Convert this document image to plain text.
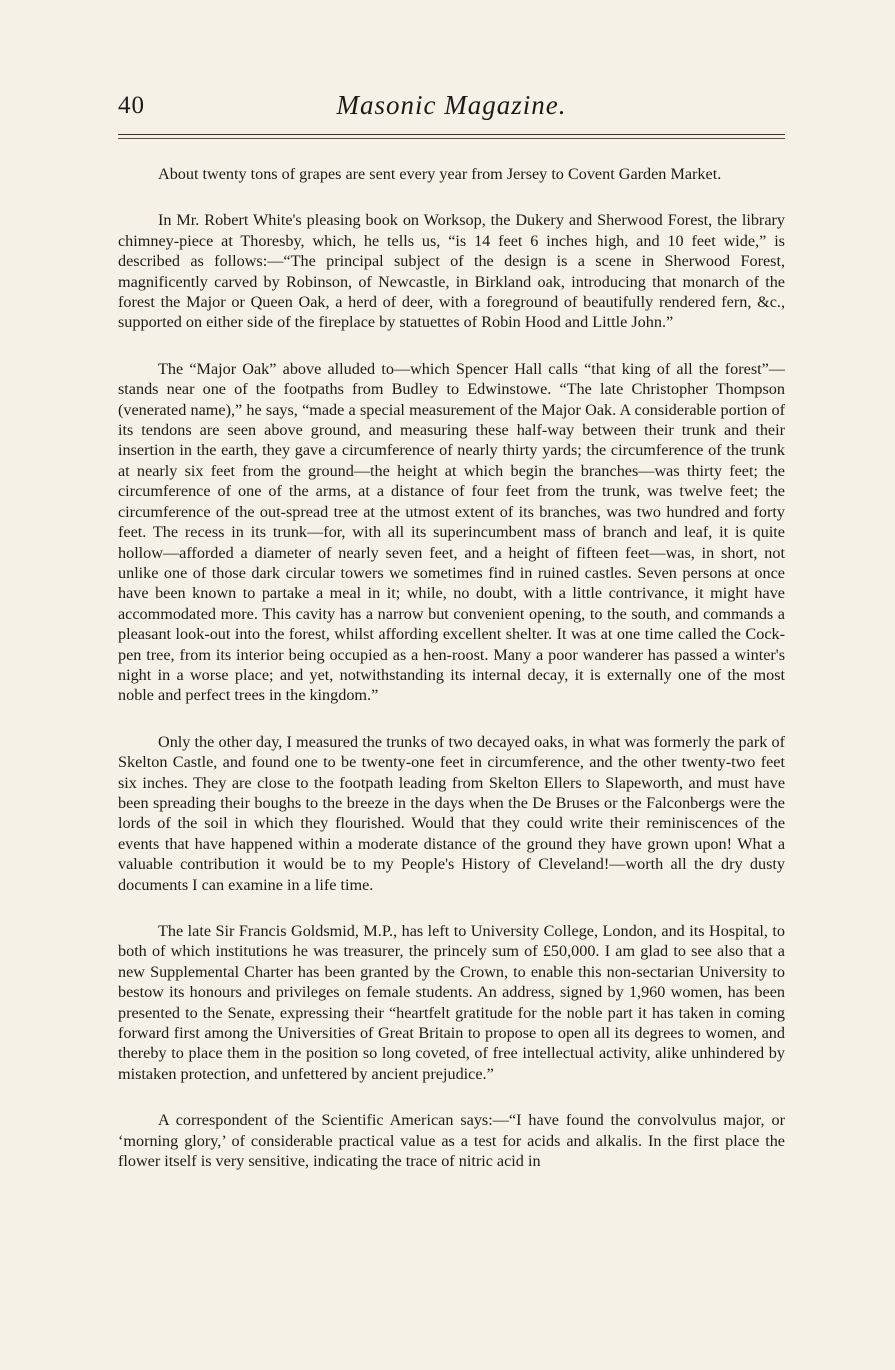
40	Masonic Magazine.

About twenty tons of grapes are sent every year from Jersey to Covent Garden Market.

In Mr. Robert White's pleasing book on Worksop, the Dukery and Sherwood Forest, the library chimney-piece at Thoresby, which, he tells us, “is 14 feet 6 inches high, and 10 feet wide,” is described as follows:—“The principal subject of the design is a scene in Sherwood Forest, magnificently carved by Robinson, of Newcastle, in Birkland oak, introducing that monarch of the forest the Major or Queen Oak, a herd of deer, with a foreground of beautifully rendered fern, &c., supported on either side of the fireplace by statuettes of Robin Hood and Little John.”

The “Major Oak” above alluded to—which Spencer Hall calls “that king of all the forest”—stands near one of the footpaths from Budley to Edwinstowe. “The late Christopher Thompson (venerated name),” he says, “made a special measurement of the Major Oak. A considerable portion of its tendons are seen above ground, and measuring these half-way between their trunk and their insertion in the earth, they gave a circumference of nearly thirty yards; the circumference of the trunk at nearly six feet from the ground—the height at which begin the branches—was thirty feet; the circumference of one of the arms, at a distance of four feet from the trunk, was twelve feet; the circumference of the out-spread tree at the utmost extent of its branches, was two hundred and forty feet. The recess in its trunk—for, with all its superincumbent mass of branch and leaf, it is quite hollow—afforded a diameter of nearly seven feet, and a height of fifteen feet—was, in short, not unlike one of those dark circular towers we sometimes find in ruined castles. Seven persons at once have been known to partake a meal in it; while, no doubt, with a little contrivance, it might have accommodated more. This cavity has a narrow but convenient opening, to the south, and commands a pleasant look-out into the forest, whilst affording excellent shelter. It was at one time called the Cock-pen tree, from its interior being occupied as a hen-roost. Many a poor wanderer has passed a winter's night in a worse place; and yet, notwithstanding its internal decay, it is externally one of the most noble and perfect trees in the kingdom.”

Only the other day, I measured the trunks of two decayed oaks, in what was formerly the park of Skelton Castle, and found one to be twenty-one feet in circumference, and the other twenty-two feet six inches. They are close to the footpath leading from Skelton Ellers to Slapeworth, and must have been spreading their boughs to the breeze in the days when the De Bruses or the Falconbergs were the lords of the soil in which they flourished. Would that they could write their reminiscences of the events that have happened within a moderate distance of the ground they have grown upon! What a valuable contribution it would be to my People's History of Cleveland!—worth all the dry dusty documents I can examine in a life time.

The late Sir Francis Goldsmid, M.P., has left to University College, London, and its Hospital, to both of which institutions he was treasurer, the princely sum of £50,000. I am glad to see also that a new Supplemental Charter has been granted by the Crown, to enable this non-sectarian University to bestow its honours and privileges on female students. An address, signed by 1,960 women, has been presented to the Senate, expressing their “heartfelt gratitude for the noble part it has taken in coming forward first among the Universities of Great Britain to propose to open all its degrees to women, and thereby to place them in the position so long coveted, of free intellectual activity, alike unhindered by mistaken protection, and unfettered by ancient prejudice.”

A correspondent of the Scientific American says:—“I have found the convolvulus major, or ‘morning glory,’ of considerable practical value as a test for acids and alkalis. In the first place the flower itself is very sensitive, indicating the trace of nitric acid in
